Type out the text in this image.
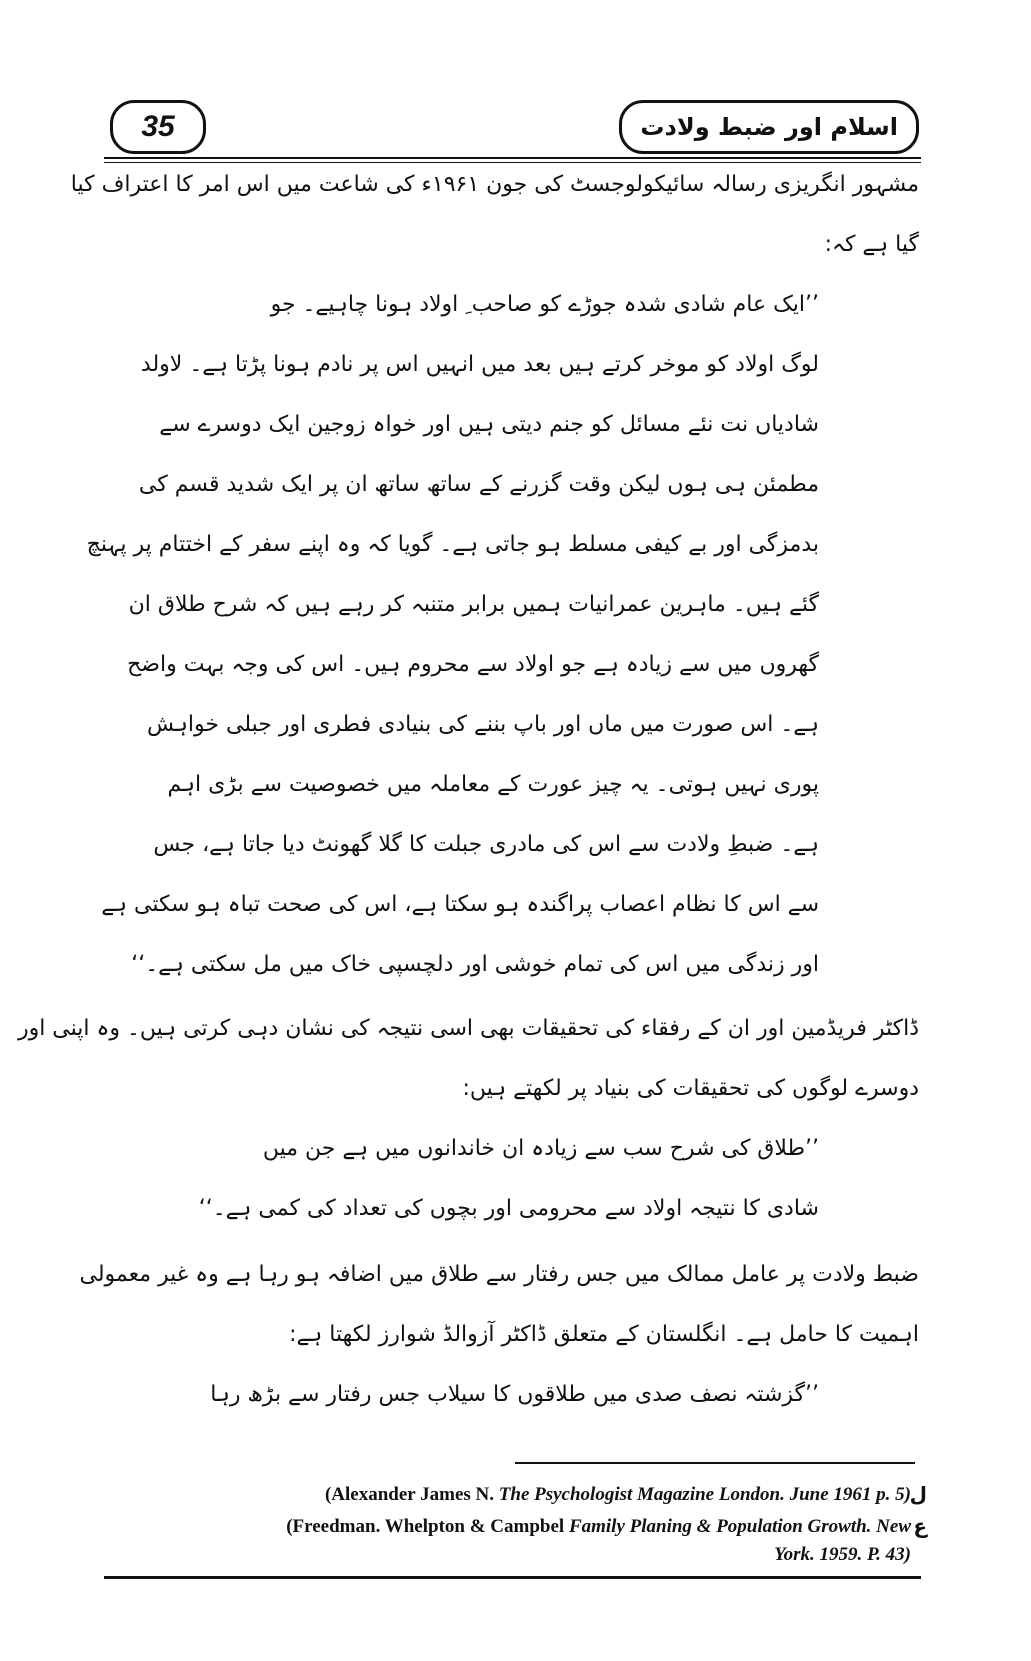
35	اسلام اور ضبط ولادت
مشہور انگریزی رسالہ سائیکولوجسٹ کی جون ۱۹۶۱ء کی شاعت میں اس امر کا اعتراف کیا
گیا ہے کہ:
’’ایک عام شادی شدہ جوڑے کو صاحب ِ اولاد ہونا چاہیے۔ جو
لوگ اولاد کو موخر کرتے ہیں بعد میں انہیں اس پر نادم ہونا پڑتا ہے۔ لاولد
شادیاں نت نئے مسائل کو جنم دیتی ہیں اور خواہ زوجین ایک دوسرے سے
مطمئن ہی ہوں لیکن وقت گزرنے کے ساتھ ساتھ ان پر ایک شدید قسم کی
بدمزگی اور بے کیفی مسلط ہو جاتی ہے۔ گویا کہ وہ اپنے سفر کے اختتام پر پہنچ
گئے ہیں۔ ماہرین عمرانیات ہمیں برابر متنبہ کر رہے ہیں کہ شرح طلاق ان
گھروں میں سے زیادہ ہے جو اولاد سے محروم ہیں۔ اس کی وجہ بہت واضح
ہے۔ اس صورت میں ماں اور باپ بننے کی بنیادی فطری اور جبلی خواہش
پوری نہیں ہوتی۔ یہ چیز عورت کے معاملہ میں خصوصیت سے بڑی اہم
ہے۔ ضبطِ ولادت سے اس کی مادری جبلت کا گلا گھونٹ دیا جاتا ہے، جس
سے اس کا نظام اعصاب پراگندہ ہو سکتا ہے، اس کی صحت تباہ ہو سکتی ہے
اور زندگی میں اس کی تمام خوشی اور دلچسپی خاک میں مل سکتی ہے۔‘‘
ڈاکٹر فریڈمین اور ان کے رفقاء کی تحقیقات بھی اسی نتیجہ کی نشان دہی کرتی ہیں۔ وہ اپنی اور
دوسرے لوگوں کی تحقیقات کی بنیاد پر لکھتے ہیں:
’’طلاق کی شرح سب سے زیادہ ان خاندانوں میں ہے جن میں
شادی کا نتیجہ اولاد سے محرومی اور بچوں کی تعداد کی کمی ہے۔‘‘
ضبط ولادت پر عامل ممالک میں جس رفتار سے طلاق میں اضافہ ہو رہا ہے وہ غیر معمولی
اہمیت کا حامل ہے۔ انگلستان کے متعلق ڈاکٹر آزوالڈ شوارز لکھتا ہے:
’’گزشتہ نصف صدی میں طلاقوں کا سیلاب جس رفتار سے بڑھ رہا
(Alexander James N. The Psychologist Magazine London. June 1961 p. 5)
ل
(Freedman. Whelpton & Campbel Family Planing & Population Growth. New ع
York. 1959. P. 43)
